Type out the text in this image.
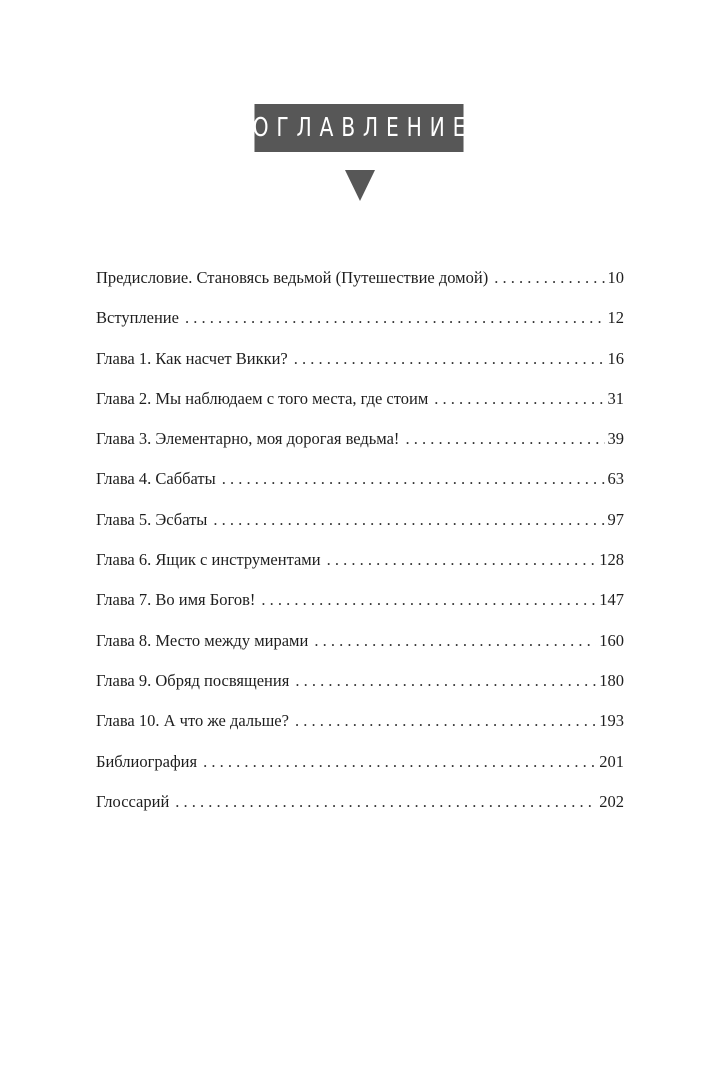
ОГЛАВЛЕНИЕ
Предисловие. Становясь ведьмой (Путешествие домой) . . .	10
Вступление . . .	12
Глава 1. Как насчет Викки? . . .	16
Глава 2. Мы наблюдаем с того места, где стоим . . .	31
Глава 3. Элементарно, моя дорогая ведьма! . . .	39
Глава 4. Саббаты . . .	63
Глава 5. Эсбаты . . .	97
Глава 6. Ящик с инструментами . . .	128
Глава 7. Во имя Богов! . . .	147
Глава 8. Место между мирами . . .	160
Глава 9. Обряд посвящения . . .	180
Глава 10. А что же дальше? . . .	193
Библиография . . .	201
Глоссарий . . .	202
